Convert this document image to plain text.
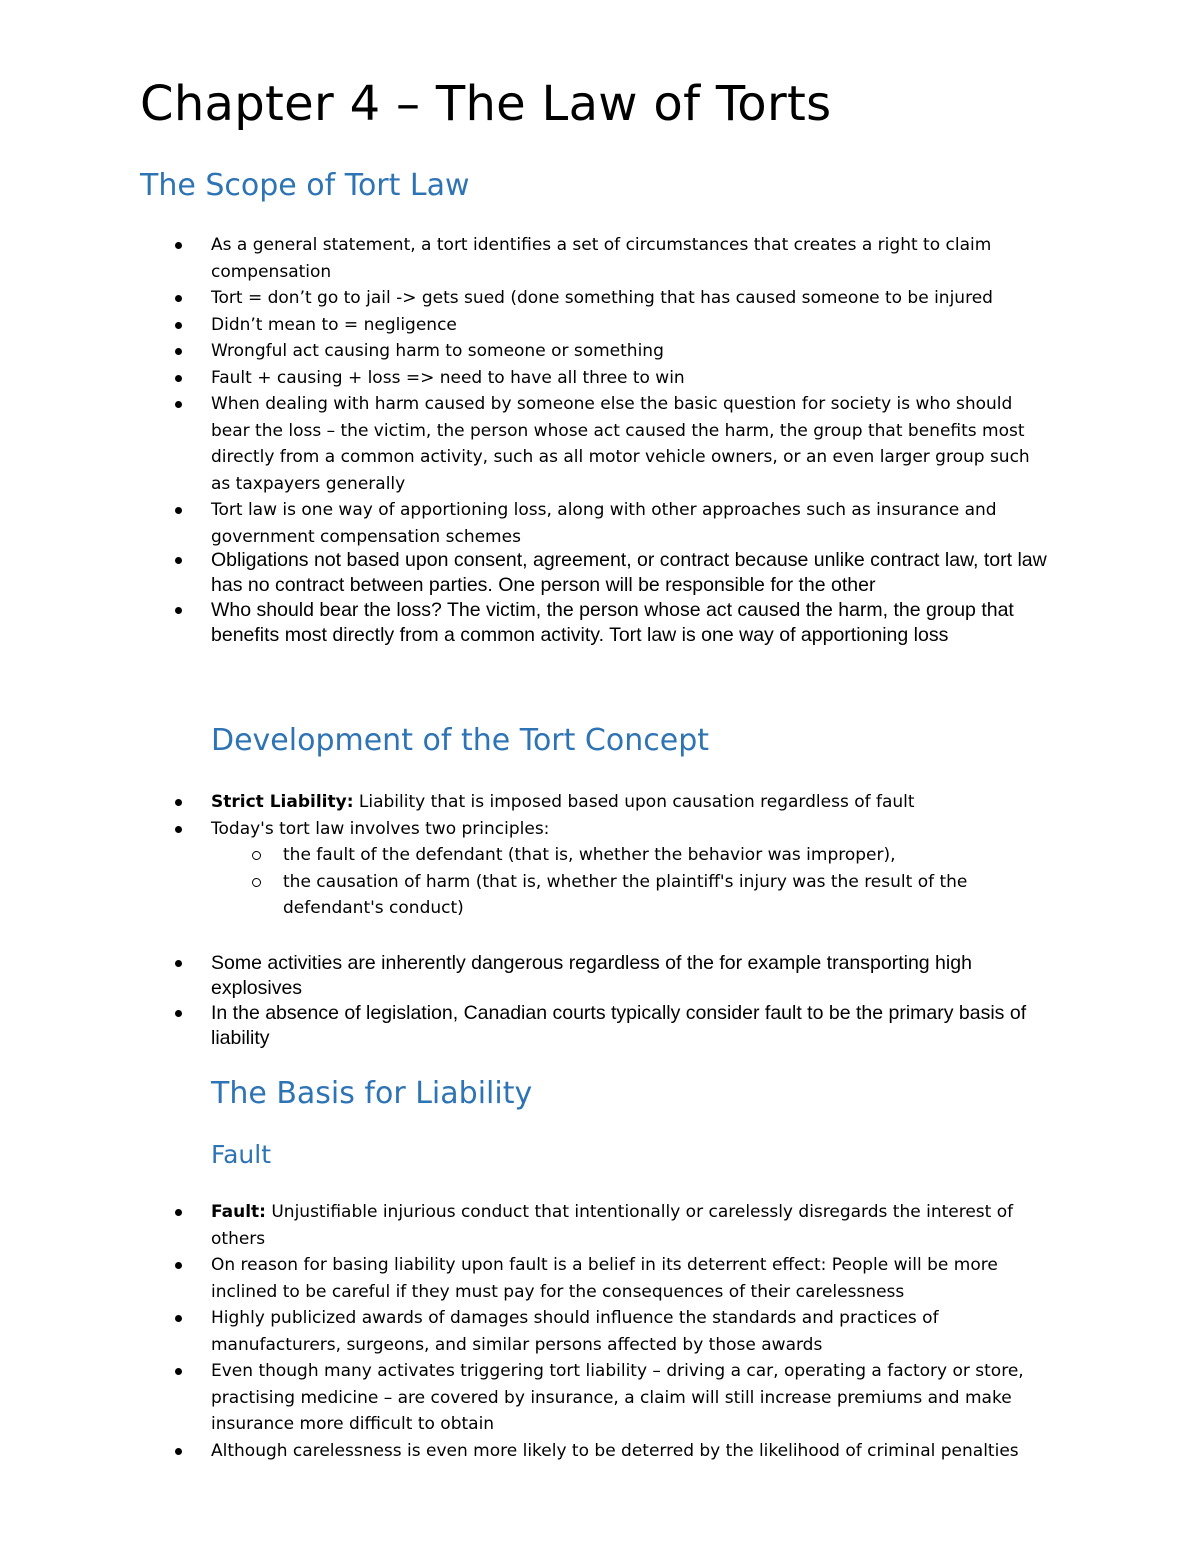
Chapter 4 – The Law of Torts
The Scope of Tort Law
As a general statement, a tort identifies a set of circumstances that creates a right to claim compensation
Tort = don’t go to jail -> gets sued (done something that has caused someone to be injured
Didn’t mean to = negligence
Wrongful act causing harm to someone or something
Fault + causing + loss => need to have all three to win
When dealing with harm caused by someone else the basic question for society is who should bear the loss – the victim, the person whose act caused the harm, the group that benefits most directly from a common activity, such as all motor vehicle owners, or an even larger group such as taxpayers generally
Tort law is one way of apportioning loss, along with other approaches such as insurance and government compensation schemes
Obligations not based upon consent, agreement, or contract because unlike contract law, tort law has no contract between parties. One person will be responsible for the other
Who should bear the loss? The victim, the person whose act caused the harm, the group that benefits most directly from a common activity. Tort law is one way of apportioning loss
Development of the Tort Concept
Strict Liability: Liability that is imposed based upon causation regardless of fault
Today's tort law involves two principles:
the fault of the defendant (that is, whether the behavior was improper),
the causation of harm (that is, whether the plaintiff's injury was the result of the defendant's conduct)
Some activities are inherently dangerous regardless of the for example transporting high explosives
In the absence of legislation, Canadian courts typically consider fault to be the primary basis of liability
The Basis for Liability
Fault
Fault: Unjustifiable injurious conduct that intentionally or carelessly disregards the interest of others
On reason for basing liability upon fault is a belief in its deterrent effect: People will be more inclined to be careful if they must pay for the consequences of their carelessness
Highly publicized awards of damages should influence the standards and practices of manufacturers, surgeons, and similar persons affected by those awards
Even though many activates triggering tort liability – driving a car, operating a factory or store, practising medicine – are covered by insurance, a claim will still increase premiums and make insurance more difficult to obtain
Although carelessness is even more likely to be deterred by the likelihood of criminal penalties
